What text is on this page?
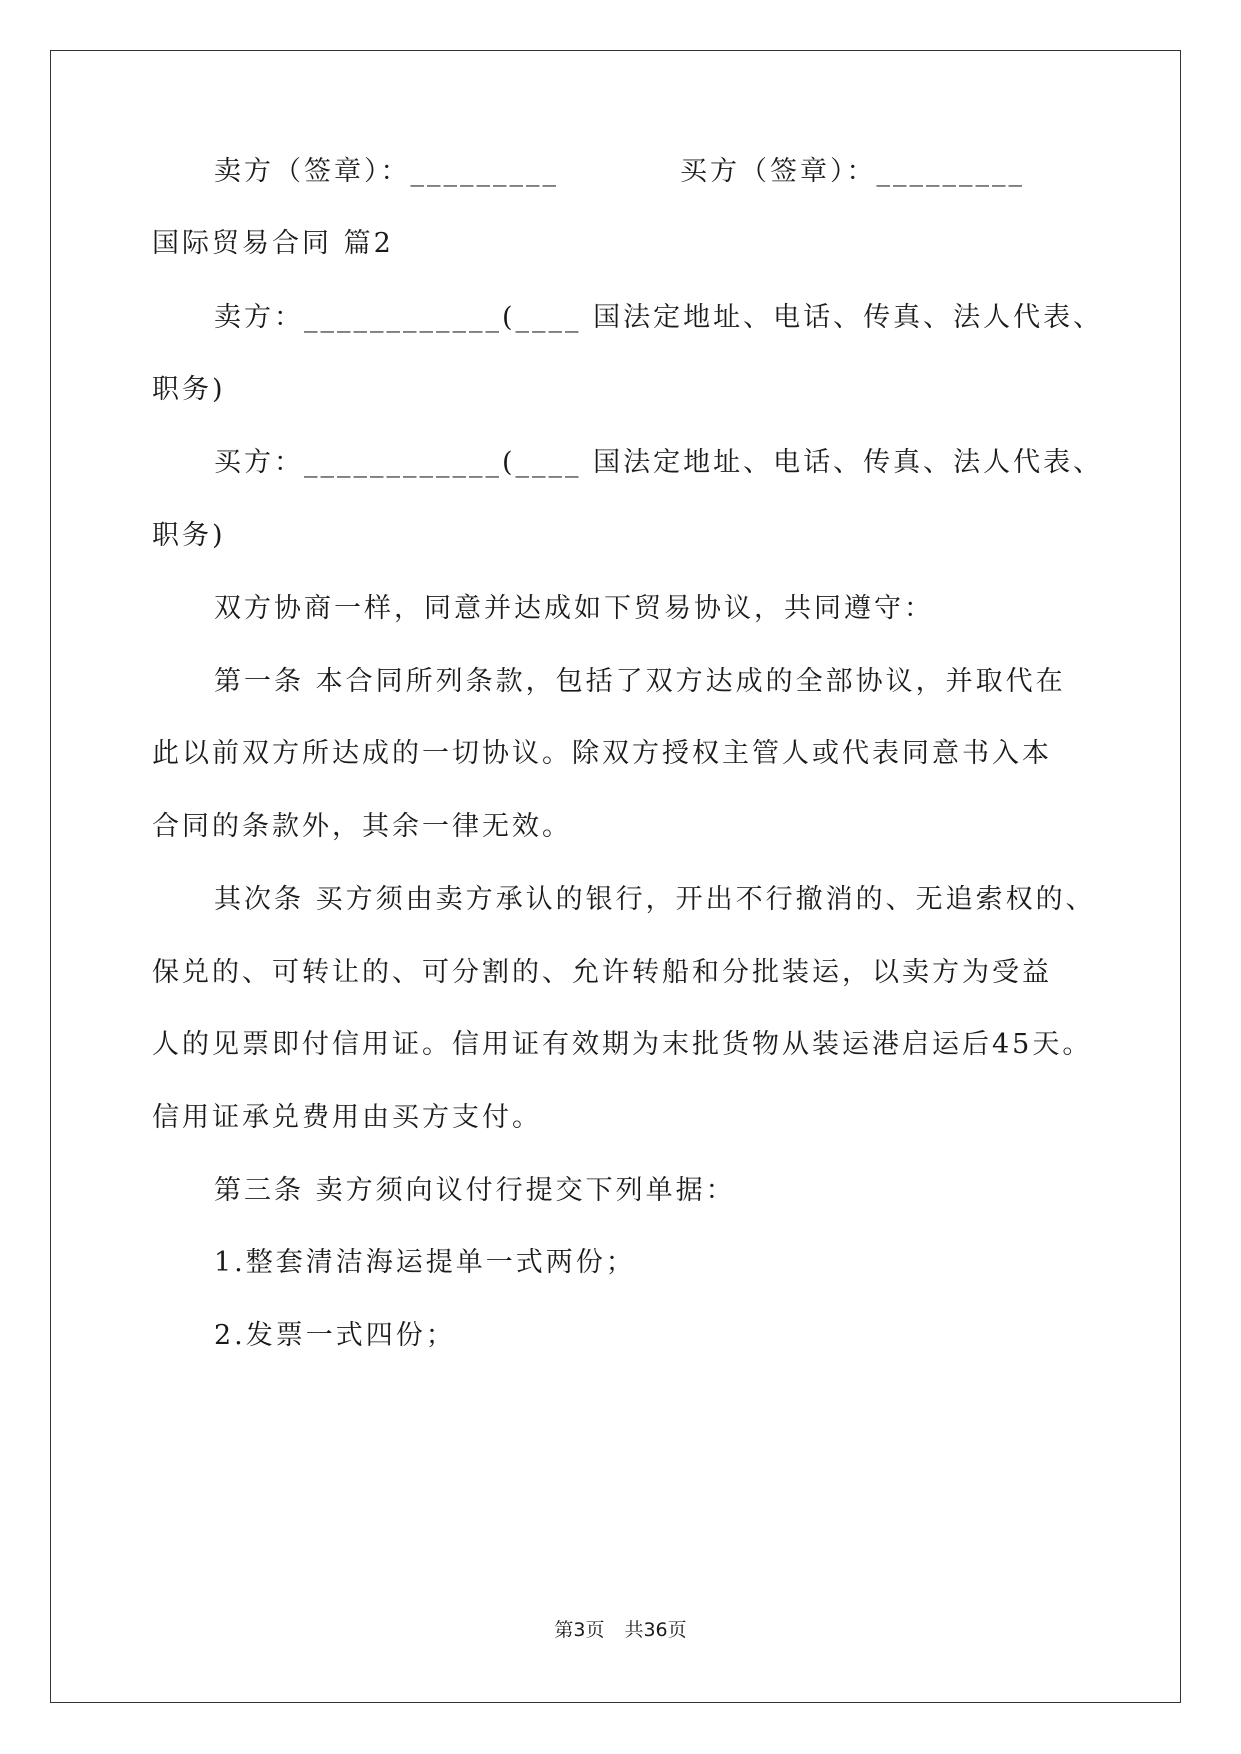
卖方（签章）：_________	买方（签章）：_________
国际贸易合同 篇2
卖方：____________(____ 国法定地址、电话、传真、法人代表、
职务)
买方：____________(____ 国法定地址、电话、传真、法人代表、
职务)
双方协商一样，同意并达成如下贸易协议，共同遵守：
第一条 本合同所列条款，包括了双方达成的全部协议，并取代在
此以前双方所达成的一切协议。除双方授权主管人或代表同意书入本
合同的条款外，其余一律无效。
其次条 买方须由卖方承认的银行，开出不行撤消的、无追索权的、
保兑的、可转让的、可分割的、允许转船和分批装运，以卖方为受益
人的见票即付信用证。信用证有效期为末批货物从装运港启运后45天。
信用证承兑费用由买方支付。
第三条 卖方须向议付行提交下列单据：
1.整套清洁海运提单一式两份；
2.发票一式四份；
第3页 共36页
